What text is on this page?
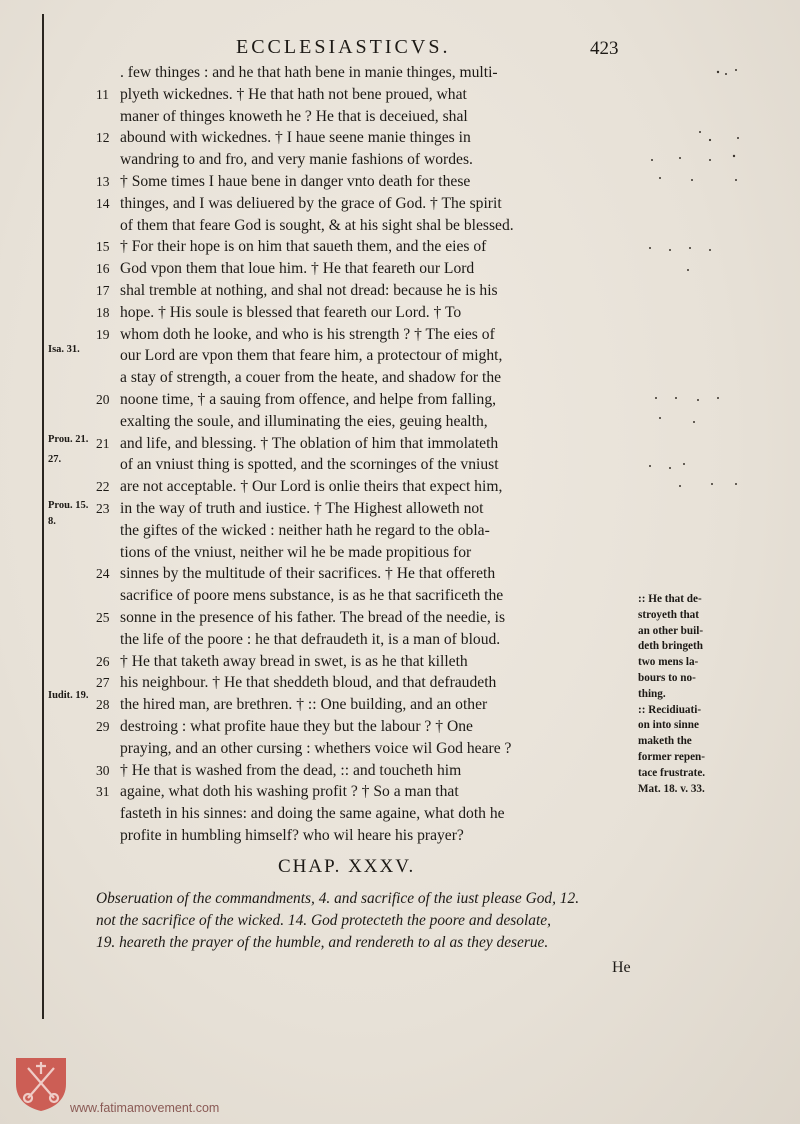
ECCLESIASTICVS.	423
11
12
13
14
15
16
17
18
19
20
21
22
23
24
25
26
27
28
29
30
31
. few thinges : and he that hath bene in manie thinges, multi-
plyeth wickednes. † He that hath not bene proued, what
maner of thinges knoweth he ? He that is deceiued, shal
abound with wickednes. † I haue seene manie thinges in
wandring to and fro, and very manie fashions of wordes.
† Some times I haue bene in danger vnto death for these
thinges, and I was deliuered by the grace of God. † The spirit
of them that feare God is sought, & at his sight shal be blessed.
† For their hope is on him that saueth them, and the eies of
God vpon them that loue him. † He that feareth our Lord
shal tremble at nothing, and shal not dread: because he is his
hope. † His soule is blessed that feareth our Lord. † To
whom doth he looke, and who is his strength ? † The eies of
our Lord are vpon them that feare him, a protectour of might,
a stay of strength, a couer from the heate, and shadow for the
noone time, † a sauing from offence, and helpe from falling,
exalting the soule, and illuminating the eies, geuing health,
and life, and blessing. † The oblation of him that immolateth
of an vniust thing is spotted, and the scorninges of the vniust
are not acceptable. † Our Lord is onlie theirs that expect him,
in the way of truth and iustice. † The Highest alloweth not
the giftes of the wicked : neither hath he regard to the obla-
tions of the vniust, neither wil he be made propitious for
sinnes by the multitude of their sacrifices. † He that offereth
sacrifice of poore mens substance, is as he that sacrificeth the
sonne in the presence of his father. The bread of the needie, is
the life of the poore : he that defraudeth it, is a man of bloud.
† He that taketh away bread in swet, is as he that killeth
his neighbour. † He that sheddeth bloud, and that defraudeth
the hired man, are brethren. † :: One building, and an other
destroing : what profite haue they but the labour ? † One
praying, and an other cursing : whethers voice wil God heare ?
† He that is washed from the dead, :: and toucheth him
againe, what doth his washing profit ? † So a man that
fasteth in his sinnes: and doing the same againe, what doth he
profite in humbling himself? who wil heare his prayer?
Isa. 31.
Prou. 21.
27.
Prou. 15.
8.
Iudit. 19.
:: He that de-
stroyeth that
an other buil-
deth bringeth
two mens la-
bours to no-
thing.
:: Recidiuati-
on into sinne
maketh the
former repen-
tace frustrate.
Mat. 18. v. 33.
CHAP. XXXV.
Obseruation of the commandments, 4. and sacrifice of the iust please God, 12.
not the sacrifice of the wicked. 14. God protecteth the poore and desolate,
19. heareth the prayer of the humble, and rendereth to al as they deserue.
He
www.fatimamovement.com
